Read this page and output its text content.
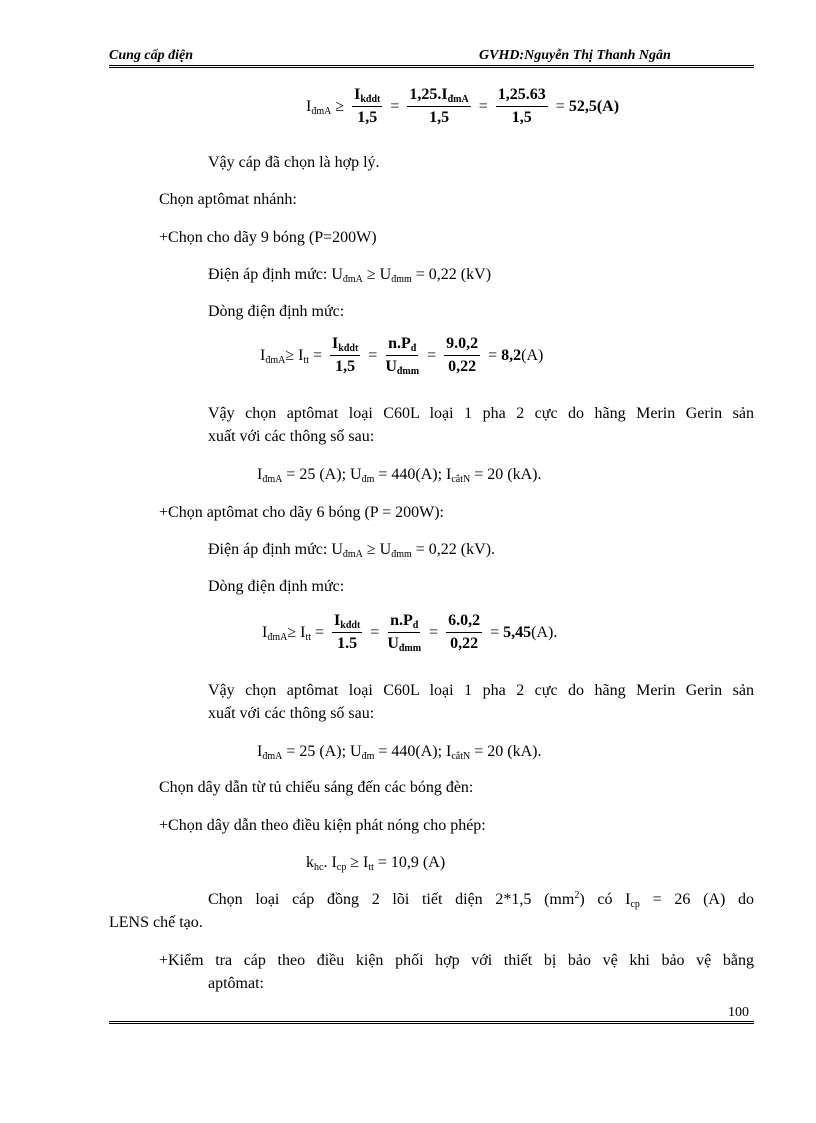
Cung cấp điện	GVHD:Nguyễn Thị Thanh Ngân
$I_{đmA} \ge \frac{I_{kđdt}}{1,5} = \frac{1,25.I_{đmA}}{1,5} = \frac{1,25.63}{1,5} = 52,5(A)$
Vậy cáp đã chọn là hợp lý.
Chọn aptômat nhánh:
+Chọn cho dãy 9 bóng (P=200W)
Điện áp định mức: $U_{đmA} \ge U_{đmm} = 0,22$ (kV)
Dòng điện định mức:
$I_{đmA} \ge I_{tt} = \frac{I_{kđdt}}{1,5} = \frac{n.P_đ}{U_{đmm}} = \frac{9.0,2}{0,22} = 8,2$ (A)
Vậy chọn aptômat loại C60L loại 1 pha 2 cực do hãng Merin Gerin sản
xuất với các thông số sau:
$I_{đmA} = 25$ (A); $U_{đm} = 440(A)$; $I_{cắtN} = 20$ (kA).
+Chọn aptômat cho dãy 6 bóng (P = 200W):
Điện áp định mức: $U_{đmA} \ge U_{đmm} = 0,22$ (kV).
Dòng điện định mức:
$I_{đmA} \ge I_{tt} = \frac{I_{kđdt}}{1.5} = \frac{n.P_đ}{U_{đmm}} = \frac{6.0,2}{0,22} = 5,45$ (A).
Vậy chọn aptômat loại C60L loại 1 pha 2 cực do hãng Merin Gerin sản
xuất với các thông số sau:
$I_{đmA} = 25$ (A); $U_{đm} = 440(A)$; $I_{cắtN} = 20$ (kA).
Chọn dây dẫn từ tủ chiếu sáng đến các bóng đèn:
+Chọn dây dẫn theo điều kiện phát nóng cho phép:
$k_{hc}$. $I_{cp} \ge I_{tt} = 10,9$ (A)
Chọn loại cáp đồng 2 lõi tiết diện 2*1,5 $(mm^2)$ có $I_{cp} = 26$ (A) do
LENS chế tạo.
+Kiểm tra cáp theo điều kiện phối hợp với thiết bị bảo vệ khi bảo vệ bằng
aptômat:
100
